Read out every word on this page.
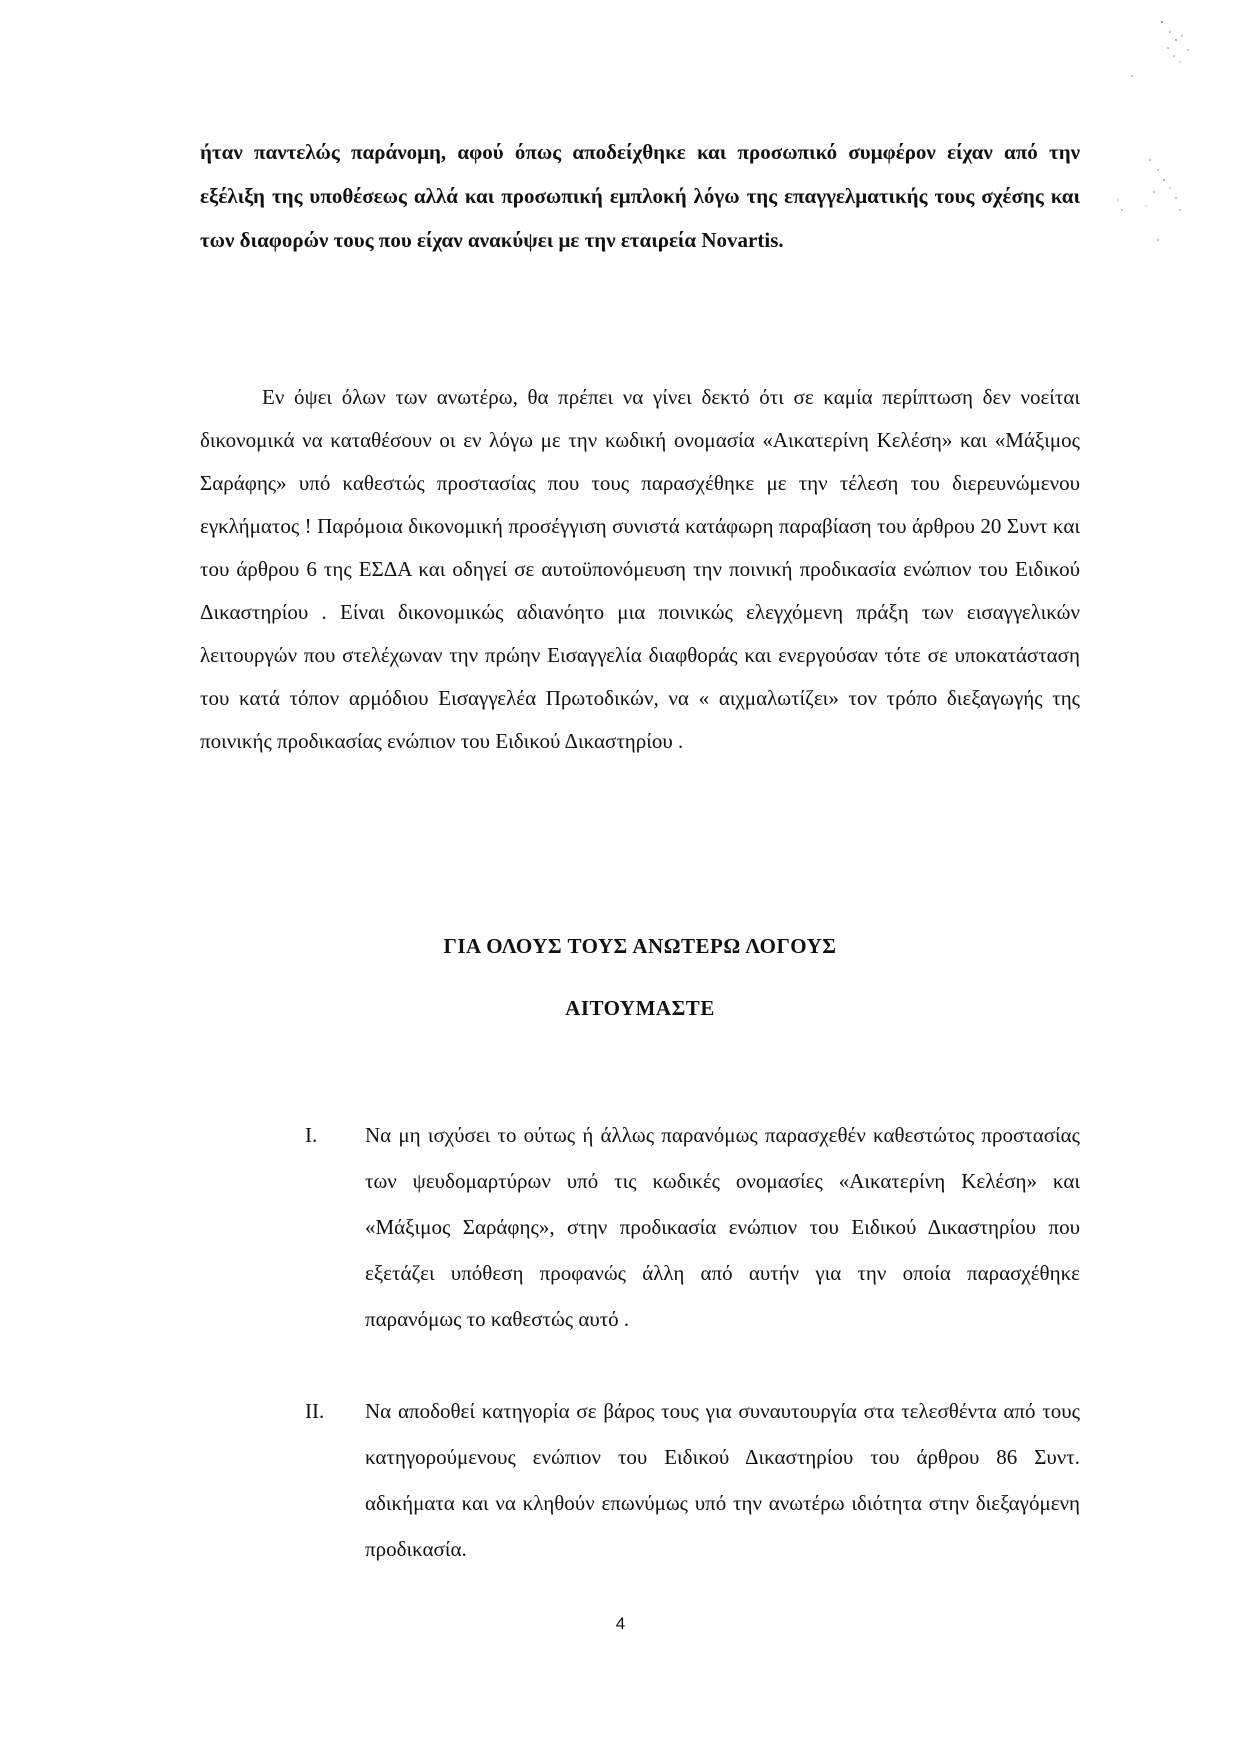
ήταν παντελώς παράνομη, αφού όπως αποδείχθηκε και προσωπικό συμφέρον είχαν από την εξέλιξη της υποθέσεως αλλά και προσωπική εμπλοκή λόγω της επαγγελματικής τους σχέσης και των διαφορών τους που είχαν ανακύψει με την εταιρεία Novartis.

Εν όψει όλων των ανωτέρω, θα πρέπει να γίνει δεκτό ότι σε καμία περίπτωση δεν νοείται δικονομικά να καταθέσουν οι εν λόγω με την κωδική ονομασία «Αικατερίνη Κελέση» και «Μάξιμος Σαράφης» υπό καθεστώς προστασίας που τους παρασχέθηκε με την τέλεση του διερευνώμενου εγκλήματος ! Παρόμοια δικονομική προσέγγιση συνιστά κατάφωρη παραβίαση του άρθρου 20 Συντ και του άρθρου 6 της ΕΣΔΑ και οδηγεί σε αυτοϋπονόμευση την ποινική προδικασία ενώπιον του Ειδικού Δικαστηρίου . Είναι δικονομικώς αδιανόητο μια ποινικώς ελεγχόμενη πράξη των εισαγγελικών λειτουργών που στελέχωναν την πρώην Εισαγγελία διαφθοράς και ενεργούσαν τότε σε υποκατάσταση του κατά τόπον αρμόδιου Εισαγγελέα Πρωτοδικών, να « αιχμαλωτίζει» τον τρόπο διεξαγωγής της ποινικής προδικασίας ενώπιον του Ειδικού Δικαστηρίου .

ΓΙΑ ΟΛΟΥΣ ΤΟΥΣ ΑΝΩΤΕΡΩ ΛΟΓΟΥΣ

ΑΙΤΟΥΜΑΣΤΕ

I. Να μη ισχύσει το ούτως ή άλλως παρανόμως παρασχεθέν καθεστώτος προστασίας των ψευδομαρτύρων υπό τις κωδικές ονομασίες «Αικατερίνη Κελέση» και «Μάξιμος Σαράφης», στην προδικασία ενώπιον του Ειδικού Δικαστηρίου που εξετάζει υπόθεση προφανώς άλλη από αυτήν για την οποία παρασχέθηκε παρανόμως το καθεστώς αυτό .

II. Να αποδοθεί κατηγορία σε βάρος τους για συναυτουργία στα τελεσθέντα από τους κατηγορούμενους ενώπιον του Ειδικού Δικαστηρίου του άρθρου 86 Συντ. αδικήματα και να κληθούν επωνύμως υπό την ανωτέρω ιδιότητα στην διεξαγόμενη προδικασία.

4
